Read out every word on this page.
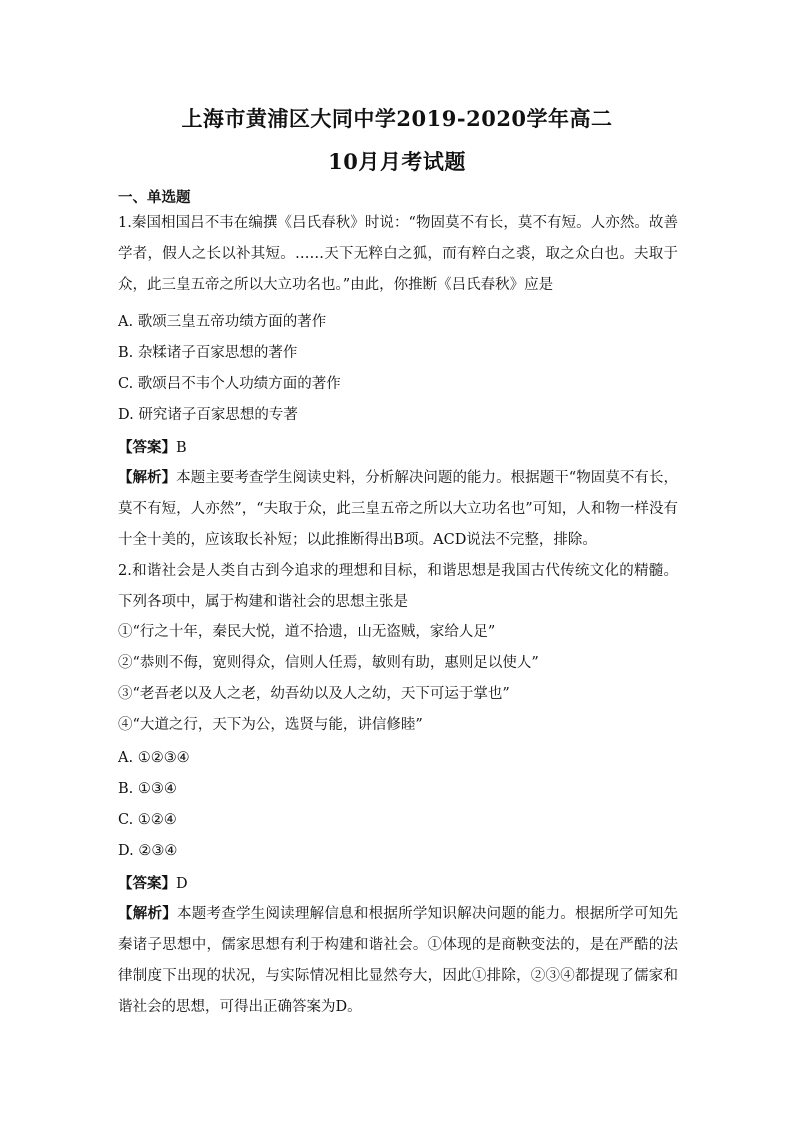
上海市黄浦区大同中学2019-2020学年高二
10月月考试题
一、单选题
1.秦国相国吕不韦在编撰《吕氏春秋》时说：“物固莫不有长，莫不有短。人亦然。故善学者，假人之长以补其短。……天下无粹白之狐，而有粹白之裘，取之众白也。夫取于众，此三皇五帝之所以大立功名也。”由此，你推断《吕氏春秋》应是
A. 歌颂三皇五帝功绩方面的著作
B. 杂糅诸子百家思想的著作
C. 歌颂吕不韦个人功绩方面的著作
D. 研究诸子百家思想的专著
【答案】B
【解析】本题主要考查学生阅读史料，分析解决问题的能力。根据题干“物固莫不有长，莫不有短，人亦然”，“夫取于众，此三皇五帝之所以大立功名也”可知，人和物一样没有十全十美的，应该取长补短；以此推断得出B项。ACD说法不完整，排除。
2.和谐社会是人类自古到今追求的理想和目标，和谐思想是我国古代传统文化的精髓。下列各项中，属于构建和谐社会的思想主张是
①“行之十年，秦民大悦，道不拾遗，山无盗贼，家给人足”
②“恭则不侮，宽则得众，信则人任焉，敏则有助，惠则足以使人”
③“老吾老以及人之老，幼吾幼以及人之幼，天下可运于掌也”
④“大道之行，天下为公，选贤与能，讲信修睦”
A. ①②③④
B. ①③④
C. ①②④
D. ②③④
【答案】D
【解析】本题考查学生阅读理解信息和根据所学知识解决问题的能力。根据所学可知先秦诸子思想中，儒家思想有利于构建和谐社会。①体现的是商鞅变法的，是在严酷的法律制度下出现的状况，与实际情况相比显然夸大，因此①排除，②③④都提现了儒家和谐社会的思想，可得出正确答案为D。
